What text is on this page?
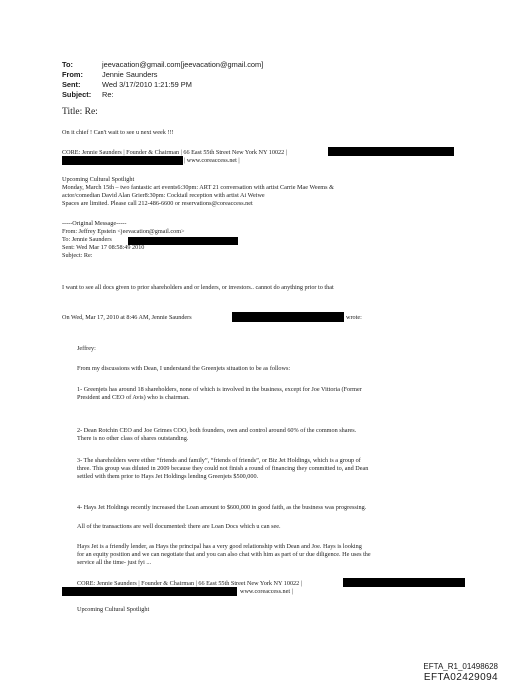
To:	jeevacation@gmail.com[jeevacation@gmail.com]
From:	Jennie Saunders
Sent:	Wed 3/17/2010 1:21:59 PM
Subject: Re:
Title: Re:
On it chief ! Can't wait to see u next week !!!
CORE: Jennie Saunders | Founder & Chairman | 66 East 55th Street New York NY 10022 |
| www.coreaccess.net |
Upcoming Cultural Spotlight
Monday, March 15th – two fantastic art events6:30pm: ART 21 conversation with artist Carrie Mae Weems &
actor/comedian David Alan Grier8:30pm: Cocktail reception with artist Ai Weiwe
Spaces are limited. Please call 212-486-6600 or reservations@coreaccess.net
-----Original Message-----
From: Jeffrey Epstein <jeevacation@gmail.com>
To: Jennie Saunders
Sent: Wed Mar 17 08:58:49 2010
Subject: Re:
I want to see all docs given to prior shareholders and or lenders, or investors.. cannot do anything prior to that
On Wed, Mar 17, 2010 at 8:46 AM, Jennie Saunders	wrote:
Jeffrey:
From my discussions with Dean, I understand the Greenjets situation to be as follows:
1- Greenjets has around 18 shareholders, none of which is involved in the business, except for Joe Vittoria (Former
President and CEO of Avis) who is chairman.
2- Dean Rotchin CEO and Joe Grimes COO, both founders, own and control around 60% of the common shares.
There is no other class of shares outstanding.
3- The shareholders were either “friends and family”, “friends of friends”, or Biz Jet Holdings, which is a group of
three. This group was diluted in 2009 because they could not finish a round of financing they committed to, and Dean
settled with them prior to Hays Jet Holdings lending Greenjets $500,000.
4- Hays Jet Holdings recently increased the Loan amount to $600,000 in good faith, as the business was progressing.
All of the transactions are well documented: there are Loan Docs which u can see.
Hays Jet is a friendly lender, as Hays the principal has a very good relationship with Dean and Joe. Hays is looking
for an equity position and we can negotiate that and you can also chat with him as part of ur due diligence. He uses the
service all the time- just fyi ...
CORE: Jennie Saunders | Founder & Chairman | 66 East 55th Street New York NY 10022 |
www.coreaccess.net |
Upcoming Cultural Spotlight
EFTA_R1_01498628
EFTA02429094
